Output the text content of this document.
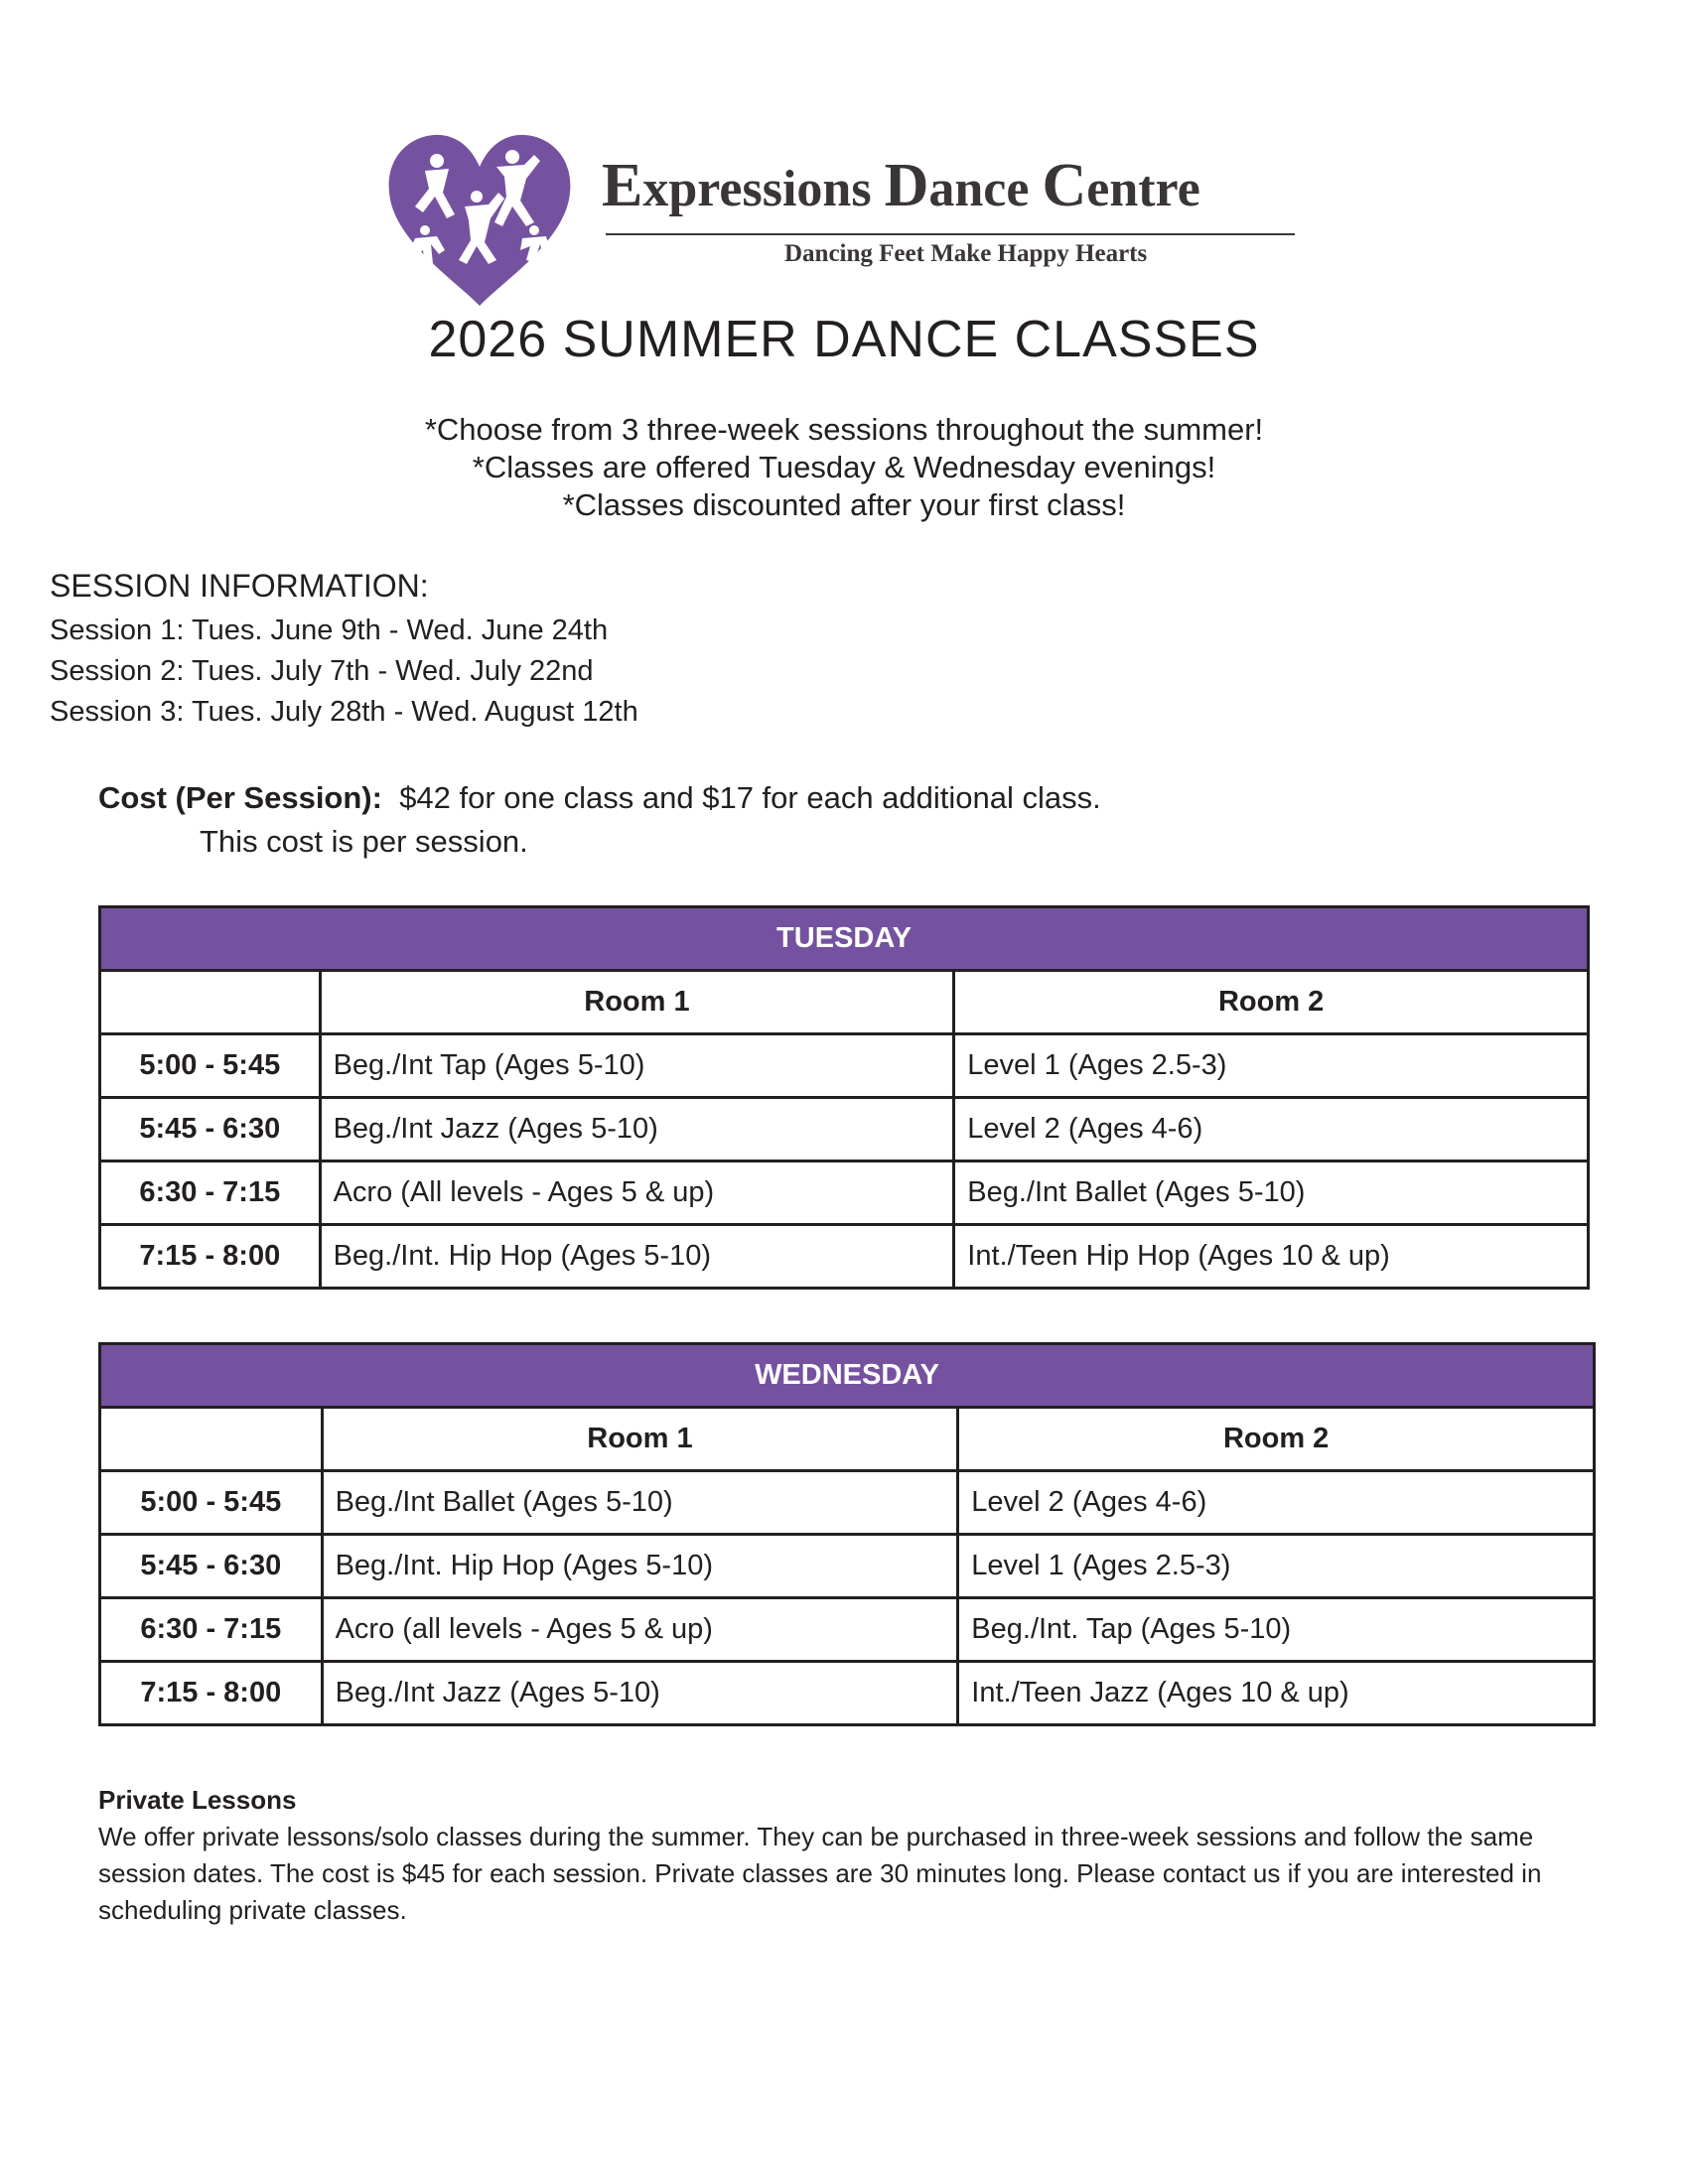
Expressions Dance Centre
Dancing Feet Make Happy Hearts
2026 SUMMER DANCE CLASSES
*Choose from 3 three-week sessions throughout the summer!
*Classes are offered Tuesday & Wednesday evenings!
*Classes discounted after your first class!
SESSION INFORMATION:
Session 1: Tues. June 9th - Wed. June 24th
Session 2: Tues. July 7th - Wed. July 22nd
Session 3: Tues. July 28th - Wed. August 12th
Cost (Per Session): $42 for one class and $17 for each additional class.
This cost is per session.
TUESDAY		
	Room 1	Room 2
5:00 - 5:45	Beg./Int Tap (Ages 5-10)	Level 1 (Ages 2.5-3)
5:45 - 6:30	Beg./Int Jazz (Ages 5-10)	Level 2 (Ages 4-6)
6:30 - 7:15	Acro (All levels - Ages 5 & up)	Beg./Int Ballet (Ages 5-10)
7:15 - 8:00	Beg./Int. Hip Hop (Ages 5-10)	Int./Teen Hip Hop (Ages 10 & up)
WEDNESDAY		
	Room 1	Room 2
5:00 - 5:45	Beg./Int Ballet (Ages 5-10)	Level 2 (Ages 4-6)
5:45 - 6:30	Beg./Int. Hip Hop (Ages 5-10)	Level 1 (Ages 2.5-3)
6:30 - 7:15	Acro (all levels - Ages 5 & up)	Beg./Int. Tap (Ages 5-10)
7:15 - 8:00	Beg./Int Jazz (Ages 5-10)	Int./Teen Jazz (Ages 10 & up)
Private Lessons
We offer private lessons/solo classes during the summer. They can be purchased in three-week sessions and follow the same session dates. The cost is $45 for each session. Private classes are 30 minutes long. Please contact us if you are interested in scheduling private classes.
